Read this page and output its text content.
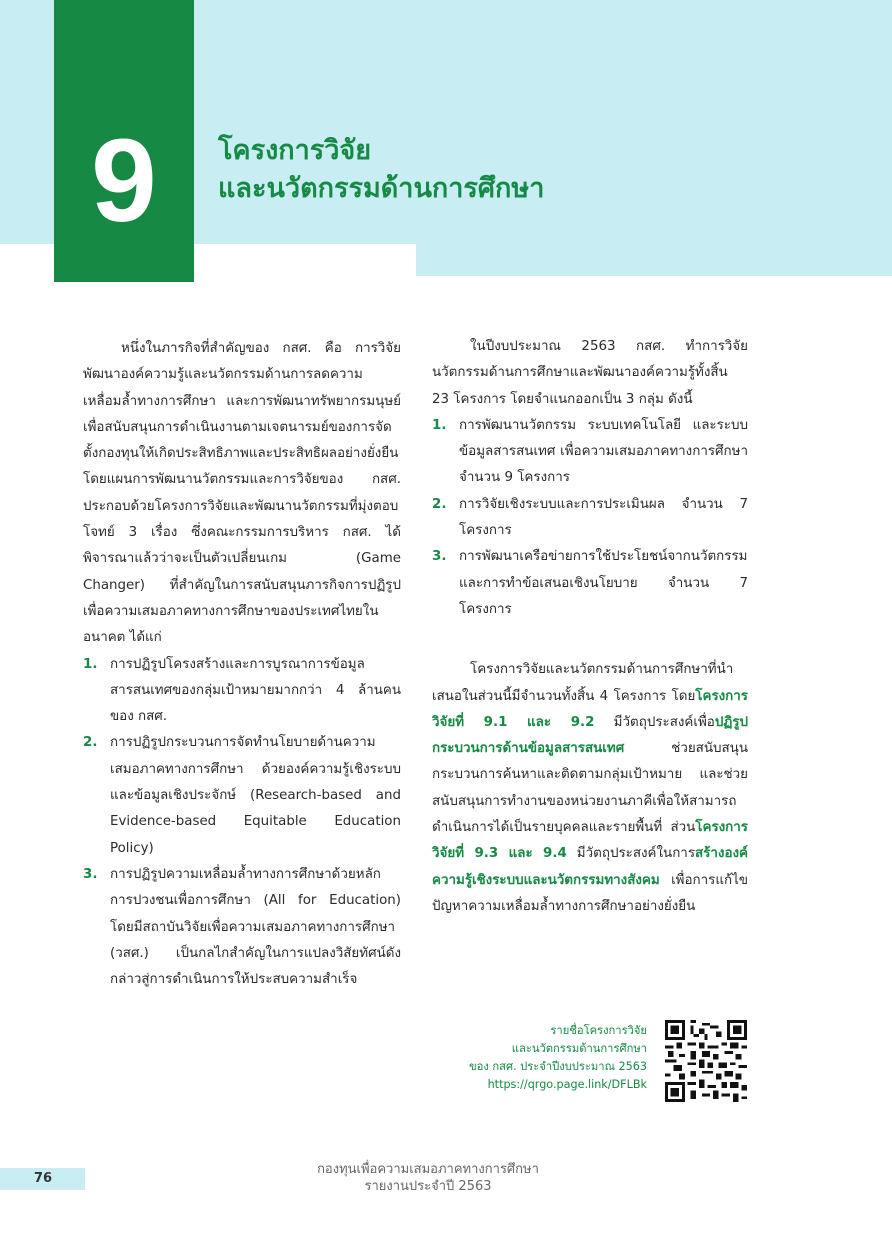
9	โครงการวิจัย
และนวัตกรรมด้านการศึกษา

หนึ่งในภารกิจที่สำคัญของ กสศ. คือ การวิจัยพัฒนาองค์ความรู้และนวัตกรรมด้านการลดความเหลื่อมล้ำทางการศึกษา และการพัฒนาทรัพยากรมนุษย์เพื่อสนับสนุนการดำเนินงานตามเจตนารมย์ของการจัดตั้งกองทุนให้เกิดประสิทธิภาพและประสิทธิผลอย่างยั่งยืน โดยแผนการพัฒนานวัตกรรมและการวิจัยของ กสศ. ประกอบด้วยโครงการวิจัยและพัฒนานวัตกรรมที่มุ่งตอบโจทย์ 3 เรื่อง ซึ่งคณะกรรมการบริหาร กสศ. ได้พิจารณาแล้วว่าจะเป็นตัวเปลี่ยนเกม (Game Changer) ที่สำคัญในการสนับสนุนภารกิจการปฏิรูปเพื่อความเสมอภาคทางการศึกษาของประเทศไทยในอนาคต ได้แก่

1. การปฏิรูปโครงสร้างและการบูรณาการข้อมูลสารสนเทศของกลุ่มเป้าหมายมากกว่า 4 ล้านคน ของ กสศ.
2. การปฏิรูปกระบวนการจัดทำนโยบายด้านความเสมอภาคทางการศึกษา ด้วยองค์ความรู้เชิงระบบ และข้อมูลเชิงประจักษ์ (Research-based and Evidence-based Equitable Education Policy)
3. การปฏิรูปความเหลื่อมล้ำทางการศึกษาด้วยหลักการปวงชนเพื่อการศึกษา (All for Education) โดยมีสถาบันวิจัยเพื่อความเสมอภาคทางการศึกษา (วสศ.) เป็นกลไกสำคัญในการแปลงวิสัยทัศน์ดังกล่าวสู่การดำเนินการให้ประสบความสำเร็จ

ในปีงบประมาณ 2563 กสศ. ทำการวิจัยนวัตกรรมด้านการศึกษาและพัฒนาองค์ความรู้ทั้งสิ้น 23 โครงการ โดยจำแนกออกเป็น 3 กลุ่ม ดังนี้

1. การพัฒนานวัตกรรม ระบบเทคโนโลยี และระบบข้อมูลสารสนเทศ เพื่อความเสมอภาคทางการศึกษา จำนวน 9 โครงการ
2. การวิจัยเชิงระบบและการประเมินผล จำนวน 7 โครงการ
3. การพัฒนาเครือข่ายการใช้ประโยชน์จากนวัตกรรมและการทำข้อเสนอเชิงนโยบาย จำนวน 7 โครงการ

โครงการวิจัยและนวัตกรรมด้านการศึกษาที่นำเสนอในส่วนนี้มีจำนวนทั้งสิ้น 4 โครงการ โดยโครงการวิจัยที่ 9.1 และ 9.2 มีวัตถุประสงค์เพื่อปฏิรูปกระบวนการด้านข้อมูลสารสนเทศ ช่วยสนับสนุนกระบวนการค้นหาและติดตามกลุ่มเป้าหมาย และช่วยสนับสนุนการทำงานของหน่วยงานภาคีเพื่อให้สามารถดำเนินการได้เป็นรายบุคคลและรายพื้นที่ ส่วนโครงการวิจัยที่ 9.3 และ 9.4 มีวัตถุประสงค์ในการสร้างองค์ความรู้เชิงระบบและนวัตกรรมทางสังคม เพื่อการแก้ไขปัญหาความเหลื่อมล้ำทางการศึกษาอย่างยั่งยืน

รายชื่อโครงการวิจัย
และนวัตกรรมด้านการศึกษา
ของ กสศ. ประจำปีงบประมาณ 2563
https://qrgo.page.link/DFLBk
76
กองทุนเพื่อความเสมอภาคทางการศึกษา
รายงานประจำปี 2563
